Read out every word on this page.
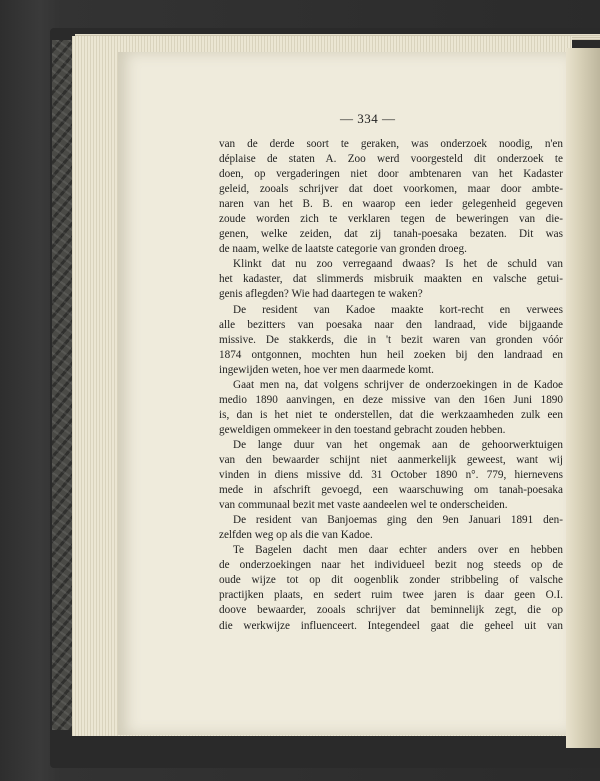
— 334 —

van de derde soort te geraken, was onderzoek noodig, n'en

déplaise de staten A. Zoo werd voorgesteld dit onderzoek te

doen, op vergaderingen niet door ambtenaren van het Kadaster

geleid, zooals schrijver dat doet voorkomen, maar door ambte-

naren van het B. B. en waarop een ieder gelegenheid gegeven

zoude worden zich te verklaren tegen de beweringen van die-

genen, welke zeiden, dat zij tanah-poesaka bezaten. Dit was

de naam, welke de laatste categorie van gronden droeg.

Klinkt dat nu zoo verregaand dwaas? Is het de schuld van

het kadaster, dat slimmerds misbruik maakten en valsche getui-

genis aflegden? Wie had daartegen te waken?

De resident van Kadoe maakte kort-recht en verwees

alle bezitters van poesaka naar den landraad, vide bijgaande

missive. De stakkerds, die in 't bezit waren van gronden vóór

1874 ontgonnen, mochten hun heil zoeken bij den landraad en

ingewijden weten, hoe ver men daarmede komt.

Gaat men na, dat volgens schrijver de onderzoekingen in de Kadoe

medio 1890 aanvingen, en deze missive van den 16en Juni 1890

is, dan is het niet te onderstellen, dat die werkzaamheden zulk een

geweldigen ommekeer in den toestand gebracht zouden hebben.

De lange duur van het ongemak aan de gehoorwerktuigen

van den bewaarder schijnt niet aanmerkelijk geweest, want wij

vinden in diens missive dd. 31 October 1890 n°. 779, hiernevens

mede in afschrift gevoegd, een waarschuwing om tanah-poesaka

van communaal bezit met vaste aandeelen wel te onderscheiden.

De resident van Banjoemas ging den 9en Januari 1891 den-

zelfden weg op als die van Kadoe.

Te Bagelen dacht men daar echter anders over en hebben

de onderzoekingen naar het individueel bezit nog steeds op de

oude wijze tot op dit oogenblik zonder stribbeling of valsche

practijken plaats, en sedert ruim twee jaren is daar geen O.I.

doove bewaarder, zooals schrijver dat beminnelijk zegt, die op

die werkwijze influenceert. Integendeel gaat die geheel uit van
